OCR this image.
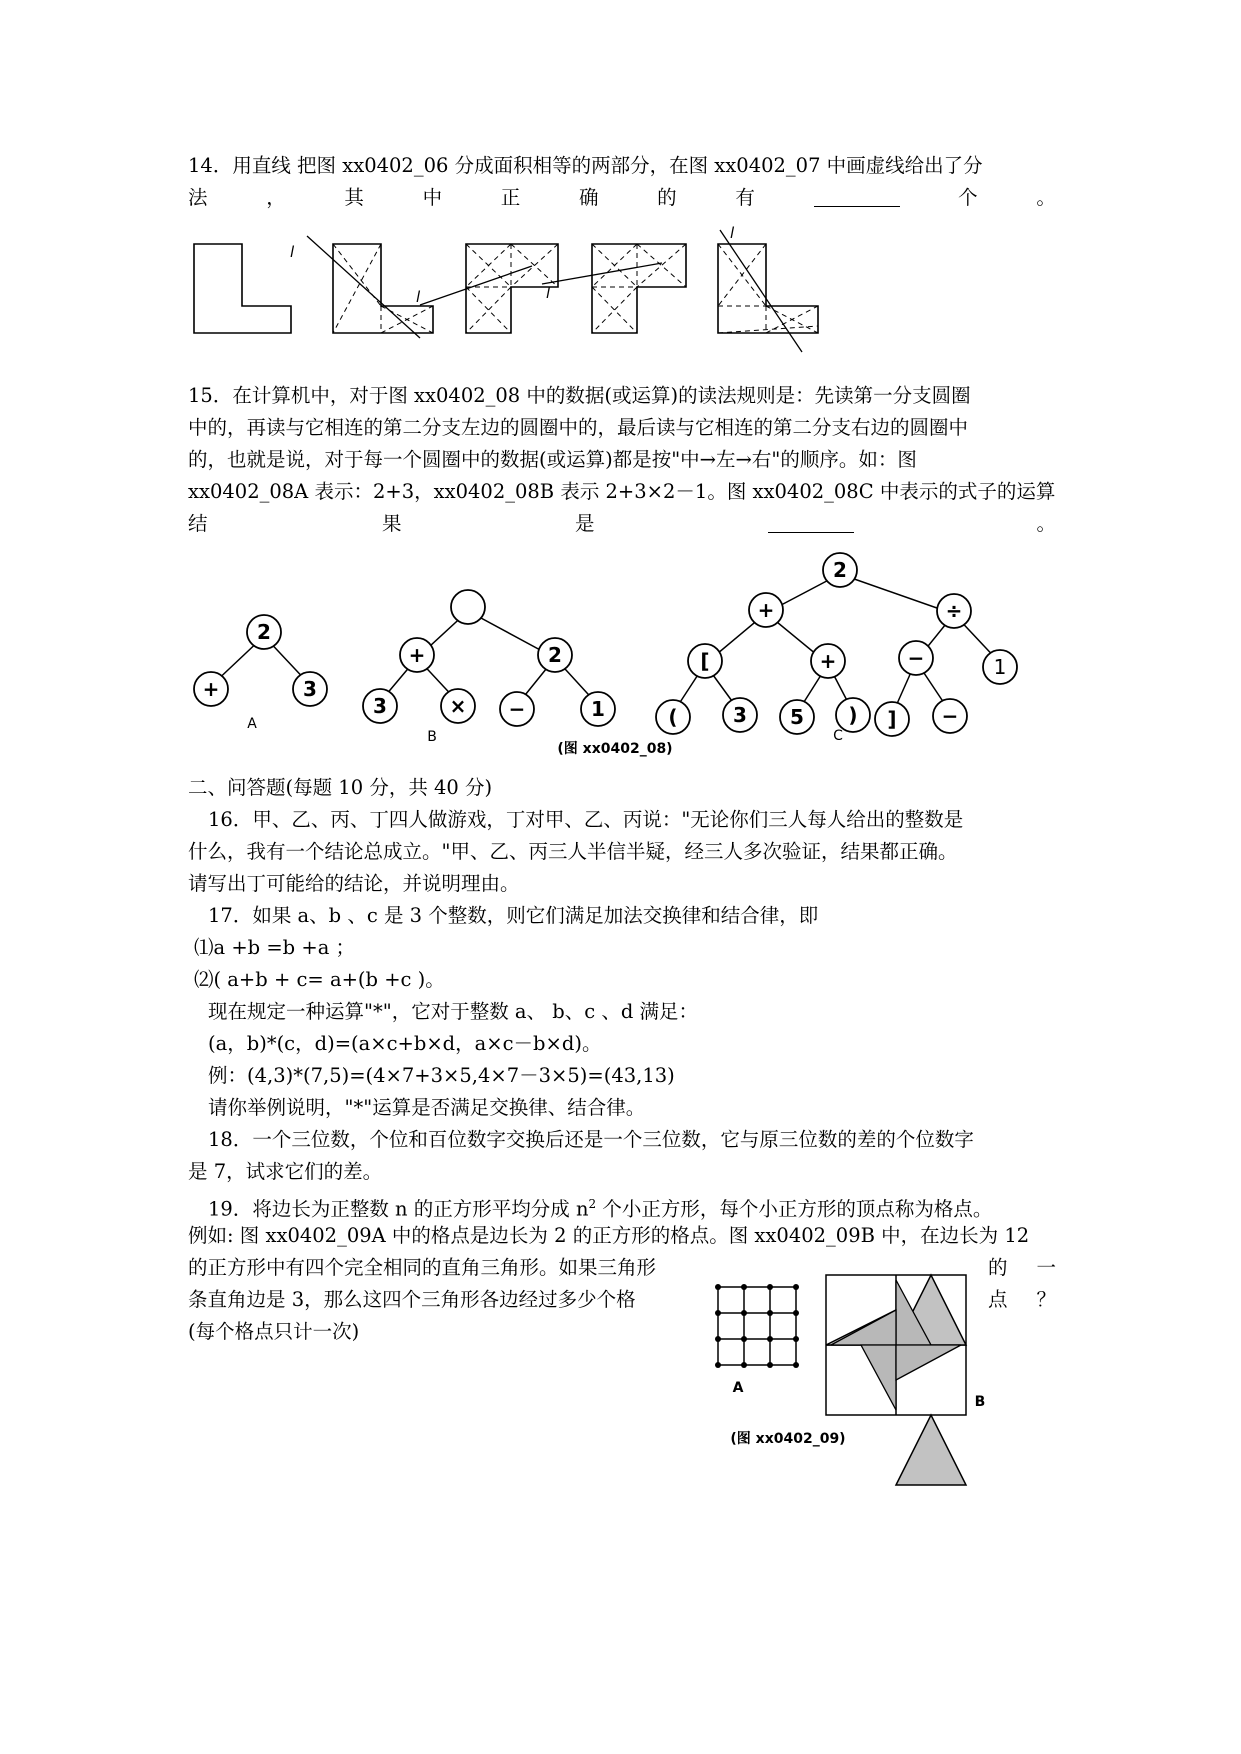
14．用直线 把图 xx0402_06 分成面积相等的两部分，在图 xx0402_07 中画虚线给出了分
法	，	其	中	正	确	的	有	个	。
l
l	l
l
15．在计算机中，对于图 xx0402_08 中的数据(或运算)的读法规则是：先读第一分支圆圈
中的，再读与它相连的第二分支左边的圆圈中的，最后读与它相连的第二分支右边的圆圈中
的，也就是说，对于每一个圆圈中的数据(或运算)都是按"中→左→右"的顺序。如：图
xx0402_08A 表示：2+3，xx0402_08B 表示 2+3×2－1。图 xx0402_08C 中表示的式子的运算
结	果	是	。
2
+	3
+	2
3	× −	1
2
+	÷
[	+	−	1
(	3 5 ) ] −
A
B	C
(图 xx0402_08)
二、问答题(每题 10 分，共 40 分)
16．甲、乙、丙、丁四人做游戏，丁对甲、乙、丙说："无论你们三人每人给出的整数是
什么，我有一个结论总成立。"甲、乙、丙三人半信半疑，经三人多次验证，结果都正确。
请写出丁可能给的结论，并说明理由。
17．如果 a、b 、c 是 3 个整数，则它们满足加法交换律和结合律，即
⑴a +b =b +a ；
⑵( a+b + c= a+(b +c )。
现在规定一种运算"*"，它对于整数 a、 b、c 、d 满足：
(a，b)*(c，d)=(a×c+b×d，a×c－b×d)。
例：(4,3)*(7,5)=(4×7+3×5,4×7－3×5)=(43,13)
请你举例说明，"*"运算是否满足交换律、结合律。
18．一个三位数，个位和百位数字交换后还是一个三位数，它与原三位数的差的个位数字
是 7，试求它们的差。
19．将边长为正整数 n 的正方形平均分成 $n^2$ 个小正方形，每个小正方形的顶点称为格点。
例如: 图 xx0402_09A 中的格点是边长为 2 的正方形的格点。图 xx0402_09B 中，在边长为 12
的正方形中有四个完全相同的直角三角形。如果三角形	的 一
条直角边是 3，那么这四个三角形各边经过多少个格	点 ？
(每个格点只计一次)
A
B
(图 xx0402_09)
